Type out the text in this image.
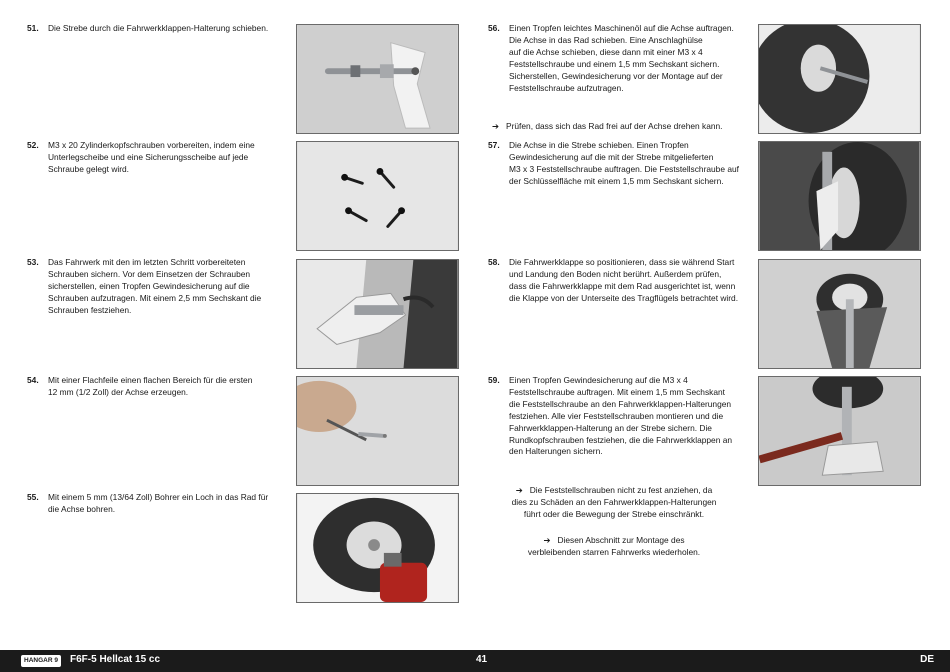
51. Die Strebe durch die Fahrwerkklappen-Halterung schieben.
52. M3 x 20 Zylinderkopfschrauben vorbereiten, indem eine
Unterlegscheibe und eine Sicherungsscheibe auf jede
Schraube gelegt wird.
53. Das Fahrwerk mit den im letzten Schritt vorbereiteten
Schrauben sichern. Vor dem Einsetzen der Schrauben
sicherstellen, einen Tropfen Gewindesicherung auf die
Schrauben aufzutragen. Mit einem 2,5 mm Sechskant die
Schrauben festziehen.
54. Mit einer Flachfeile einen flachen Bereich für die ersten
12 mm (1/2 Zoll) der Achse erzeugen.
55. Mit einem 5 mm (13/64 Zoll) Bohrer ein Loch in das Rad für
die Achse bohren.
56. Einen Tropfen leichtes Maschinenöl auf die Achse auftragen.
Die Achse in das Rad schieben. Eine Anschlaghülse
auf die Achse schieben, diese dann mit einer M3 x 4
Feststellschraube und einem 1,5 mm Sechskant sichern.
Sicherstellen, Gewindesicherung vor der Montage auf der
Feststellschraube aufzutragen.

➔ Prüfen, dass sich das Rad frei auf der Achse drehen kann.

57. Die Achse in die Strebe schieben. Einen Tropfen
Gewindesicherung auf die mit der Strebe mitgelieferten
M3 x 3 Feststellschraube auftragen. Die Feststellschraube auf
der Schlüsselfläche mit einem 1,5 mm Sechskant sichern.
58. Die Fahrwerkklappe so positionieren, dass sie während Start
und Landung den Boden nicht berührt. Außerdem prüfen,
dass die Fahrwerkklappe mit dem Rad ausgerichtet ist, wenn
die Klappe von der Unterseite des Tragflügels betrachtet wird.
59. Einen Tropfen Gewindesicherung auf die M3 x 4
Feststellschraube auftragen. Mit einem 1,5 mm Sechskant
die Feststellschraube an den Fahrwerkklappen-Halterungen
festziehen. Alle vier Feststellschrauben montieren und die
Fahrwerkklappen-Halterung an der Strebe sichern. Die
Rundkopfschrauben festziehen, die die Fahrwerkklappen an
den Halterungen sichern.

➔ Die Feststellschrauben nicht zu fest anziehen, da
dies zu Schäden an den Fahrwerkklappen-Halterungen
führt oder die Bewegung der Strebe einschränkt.

➔ Diesen Abschnitt zur Montage des
verbleibenden starren Fahrwerks wiederholen.

HANGAR 9	F6F-5 Hellcat 15 cc	41	DE
